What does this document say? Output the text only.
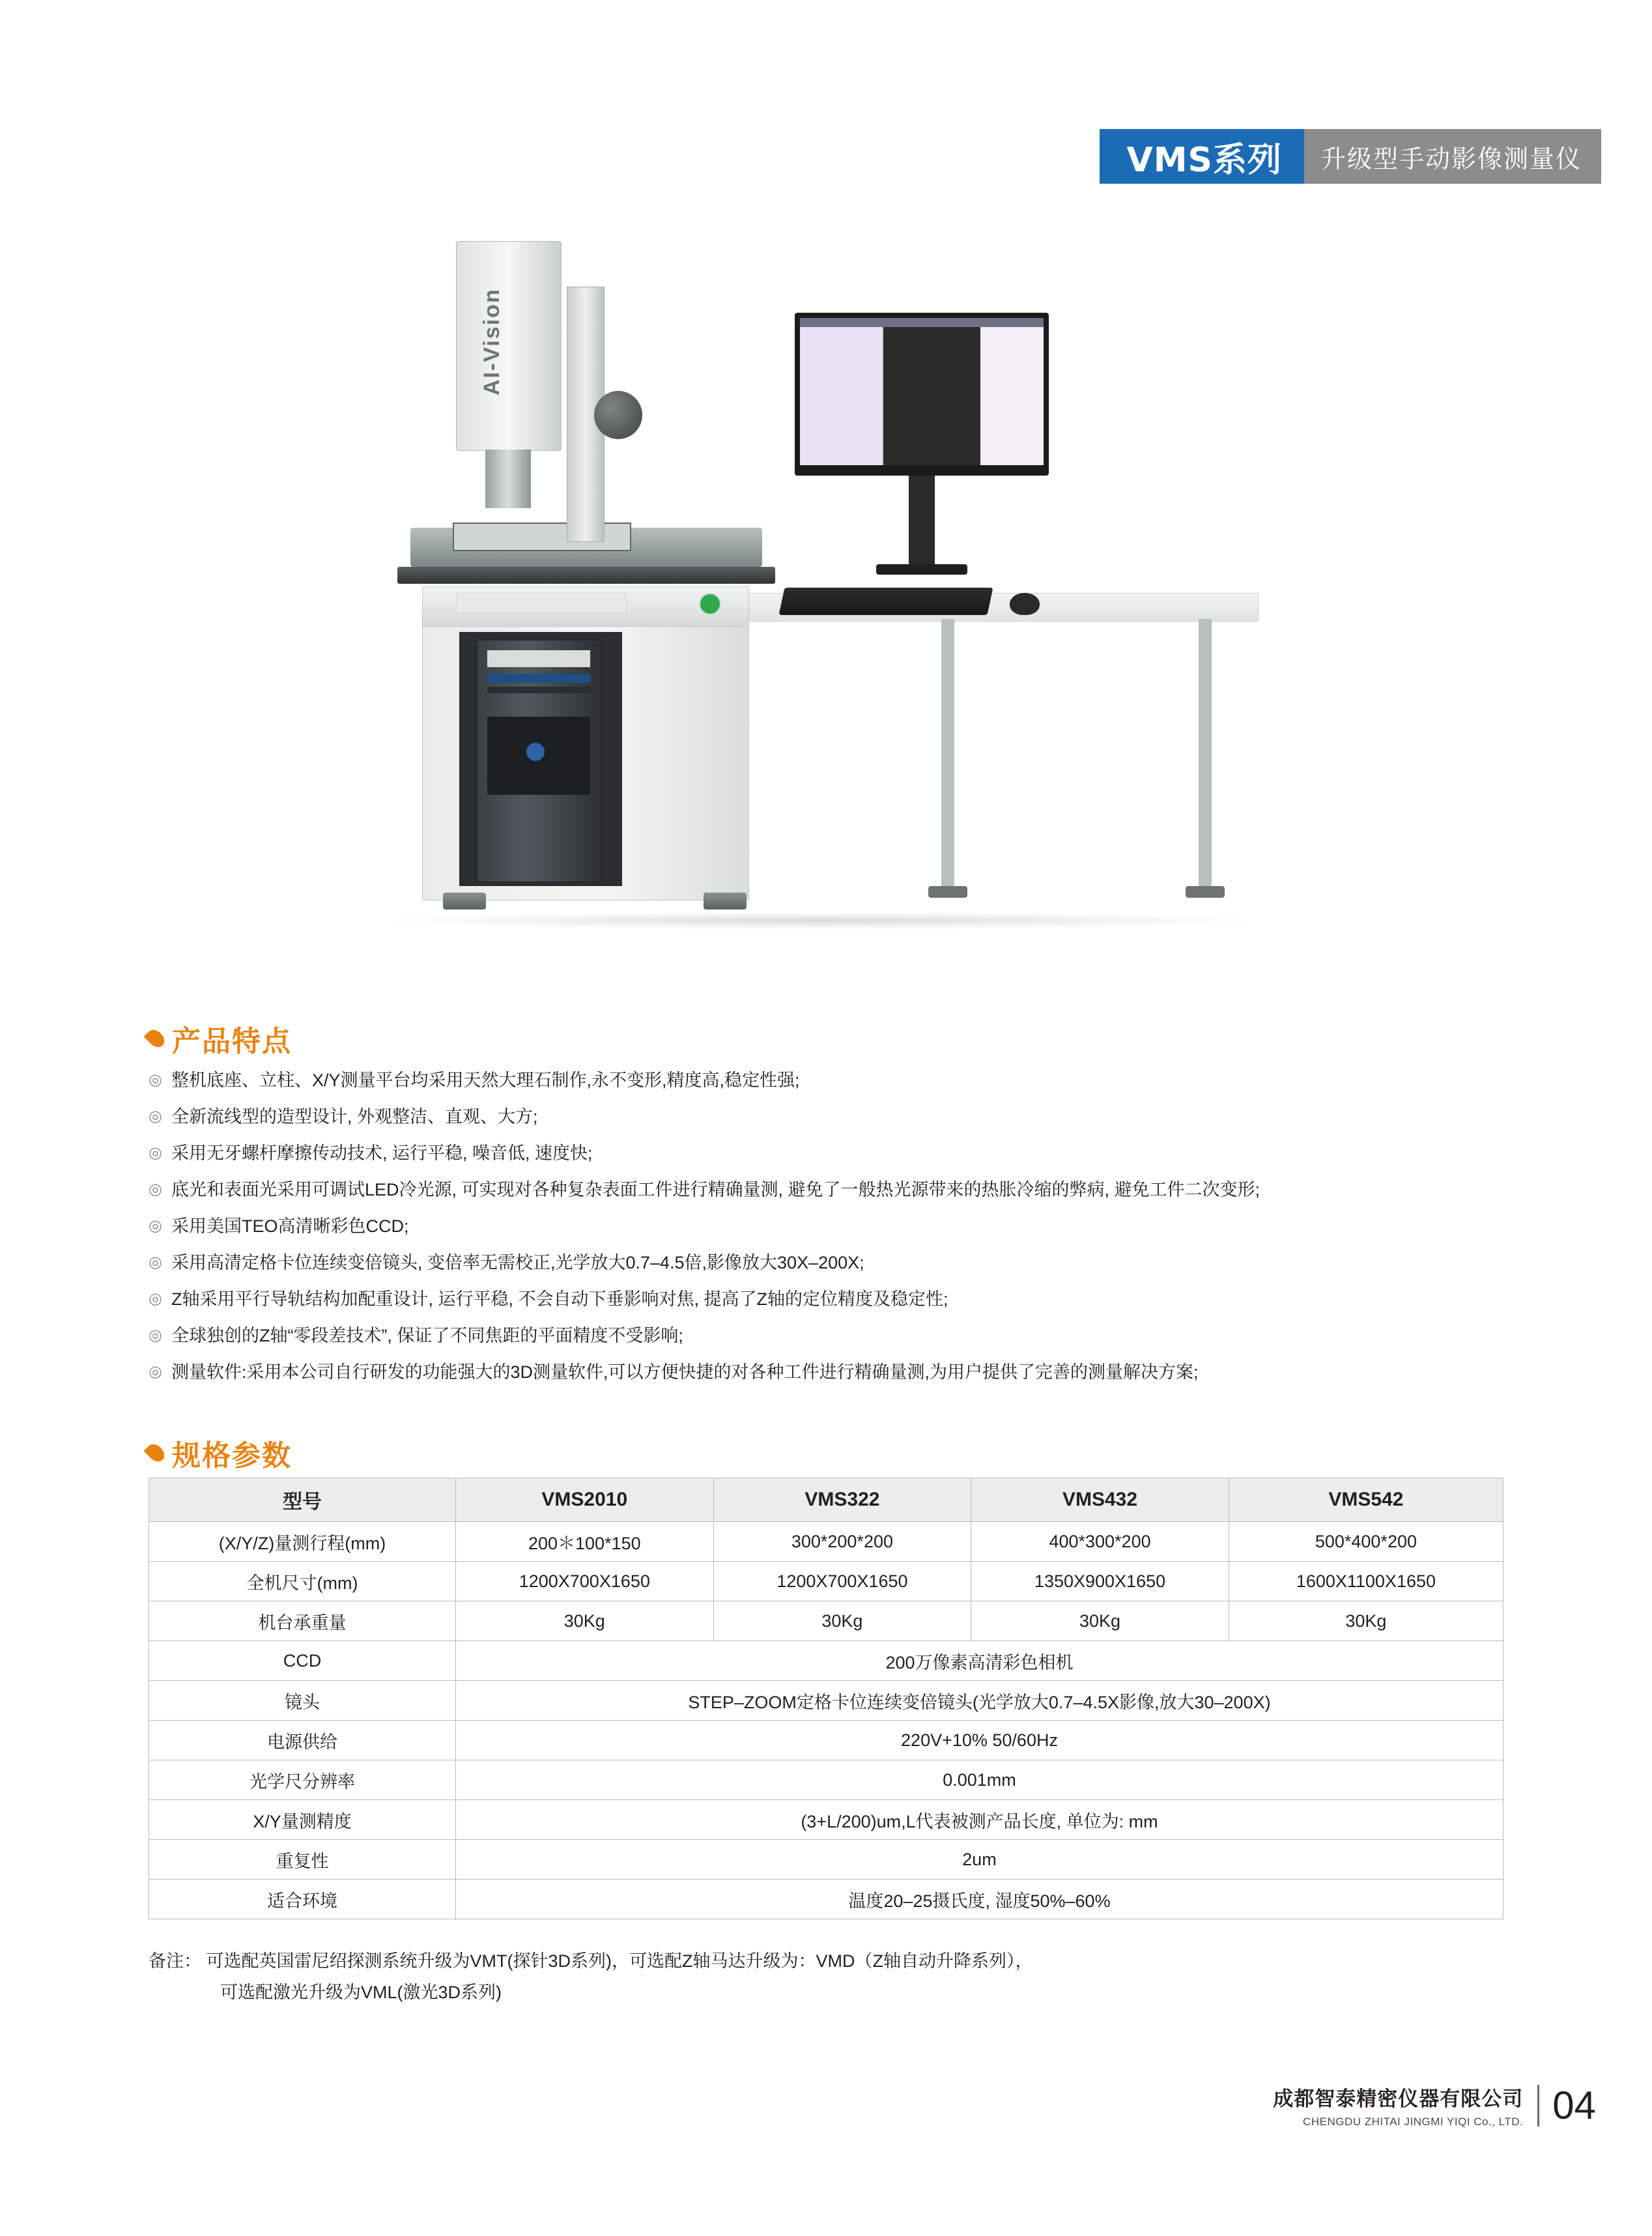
VMS系列	升级型手动影像测量仪
AI-Vision
产品特点
◎ 整机底座、立柱、X/Y测量平台均采用天然大理石制作,永不变形,精度高,稳定性强;
◎ 全新流线型的造型设计, 外观整洁、直观、大方;
◎ 采用无牙螺杆摩擦传动技术, 运行平稳, 噪音低, 速度快;
◎ 底光和表面光采用可调试LED冷光源, 可实现对各种复杂表面工件进行精确量测, 避免了一般热光源带来的热胀冷缩的弊病, 避免工件二次变形;
◎ 采用美国TEO高清晰彩色CCD;
◎ 采用高清定格卡位连续变倍镜头, 变倍率无需校正,光学放大0.7–4.5倍,影像放大30X–200X;
◎ Z轴采用平行导轨结构加配重设计, 运行平稳, 不会自动下垂影响对焦, 提高了Z轴的定位精度及稳定性;
◎ 全球独创的Z轴“零段差技术”, 保证了不同焦距的平面精度不受影响;
◎ 测量软件:采用本公司自行研发的功能强大的3D测量软件,可以方便快捷的对各种工件进行精确量测,为用户提供了完善的测量解决方案;
规格参数
型号	VMS2010	VMS322	VMS432	VMS542
(X/Y/Z)量测行程(mm)	200＊100*150	300*200*200	400*300*200	500*400*200
全机尺寸(mm)	1200X700X1650	1200X700X1650	1350X900X1650	1600X1100X1650
机台承重量	30Kg	30Kg	30Kg	30Kg
CCD	200万像素高清彩色相机			
镜头	STEP–ZOOM定格卡位连续变倍镜头(光学放大0.7–4.5X影像,放大30–200X)			
电源供给	220V+10% 50/60Hz			
光学尺分辨率	0.001mm			
X/Y量测精度	(3+L/200)um,L代表被测产品长度, 单位为: mm			
重复性	2um			
适合环境	温度20–25摄氏度, 湿度50%–60%			
备注： 可选配英国雷尼绍探测系统升级为VMT(探针3D系列)，可选配Z轴马达升级为：VMD（Z轴自动升降系列），
可选配激光升级为VML(激光3D系列)
成都智泰精密仪器有限公司
CHENGDU ZHITAI JINGMI YIQI Co., LTD. 04
